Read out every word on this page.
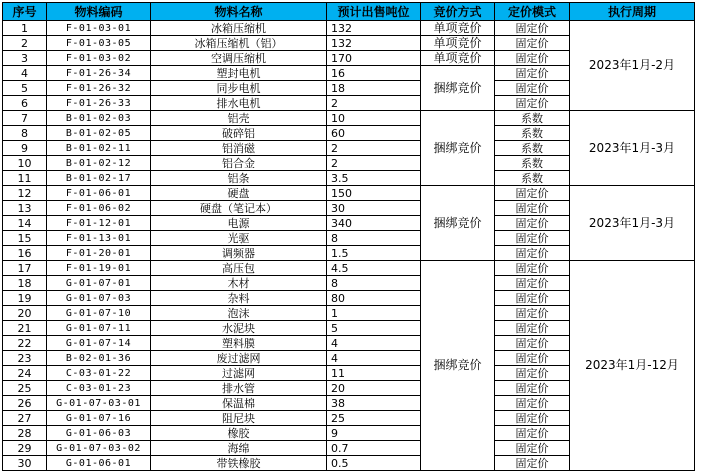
序号	物料编码	物料名称	预计出售吨位	竞价方式	定价模式	执行周期
1	F-01-03-01	冰箱压缩机	132	单项竞价	固定价	2023年1月-2月
2	F-01-03-05	冰箱压缩机（铝）	132	单项竞价	固定价	
3	F-01-03-02	空调压缩机	170	单项竞价	固定价	
4	F-01-26-34	塑封电机	16	捆绑竞价	固定价	
5	F-01-26-32	同步电机	18		固定价	
6	F-01-26-33	排水电机	2		固定价	
7	B-01-02-03	铝壳	10	捆绑竞价	系数	2023年1月-3月
8	B-01-02-05	破碎铝	60		系数	
9	B-01-02-11	铝消磁	2		系数	
10	B-01-02-12	铝合金	2		系数	
11	B-01-02-17	铝条	3.5		系数	
12	F-01-06-01	硬盘	150	捆绑竞价	固定价	2023年1月-3月
13	F-01-06-02	硬盘（笔记本）	30		固定价	
14	F-01-12-01	电源	340		固定价	
15	F-01-13-01	光驱	8		固定价	
16	F-01-20-01	调频器	1.5		固定价	
17	F-01-19-01	高压包	4.5	捆绑竞价	固定价	2023年1月-12月
18	G-01-07-01	木材	8		固定价	
19	G-01-07-03	杂料	80		固定价	
20	G-01-07-10	泡沫	1		固定价	
21	G-01-07-11	水泥块	5		固定价	
22	G-01-07-14	塑料膜	4		固定价	
23	B-02-01-36	废过滤网	4		固定价	
24	C-03-01-22	过滤网	11		固定价	
25	C-03-01-23	排水管	20		固定价	
26	G-01-07-03-01	保温棉	38		固定价	
27	G-01-07-16	阻尼块	25		固定价	
28	G-01-06-03	橡胶	9		固定价	
29	G-01-07-03-02	海绵	0.7		固定价	
30	G-01-06-01	带铁橡胶	0.5		固定价	
